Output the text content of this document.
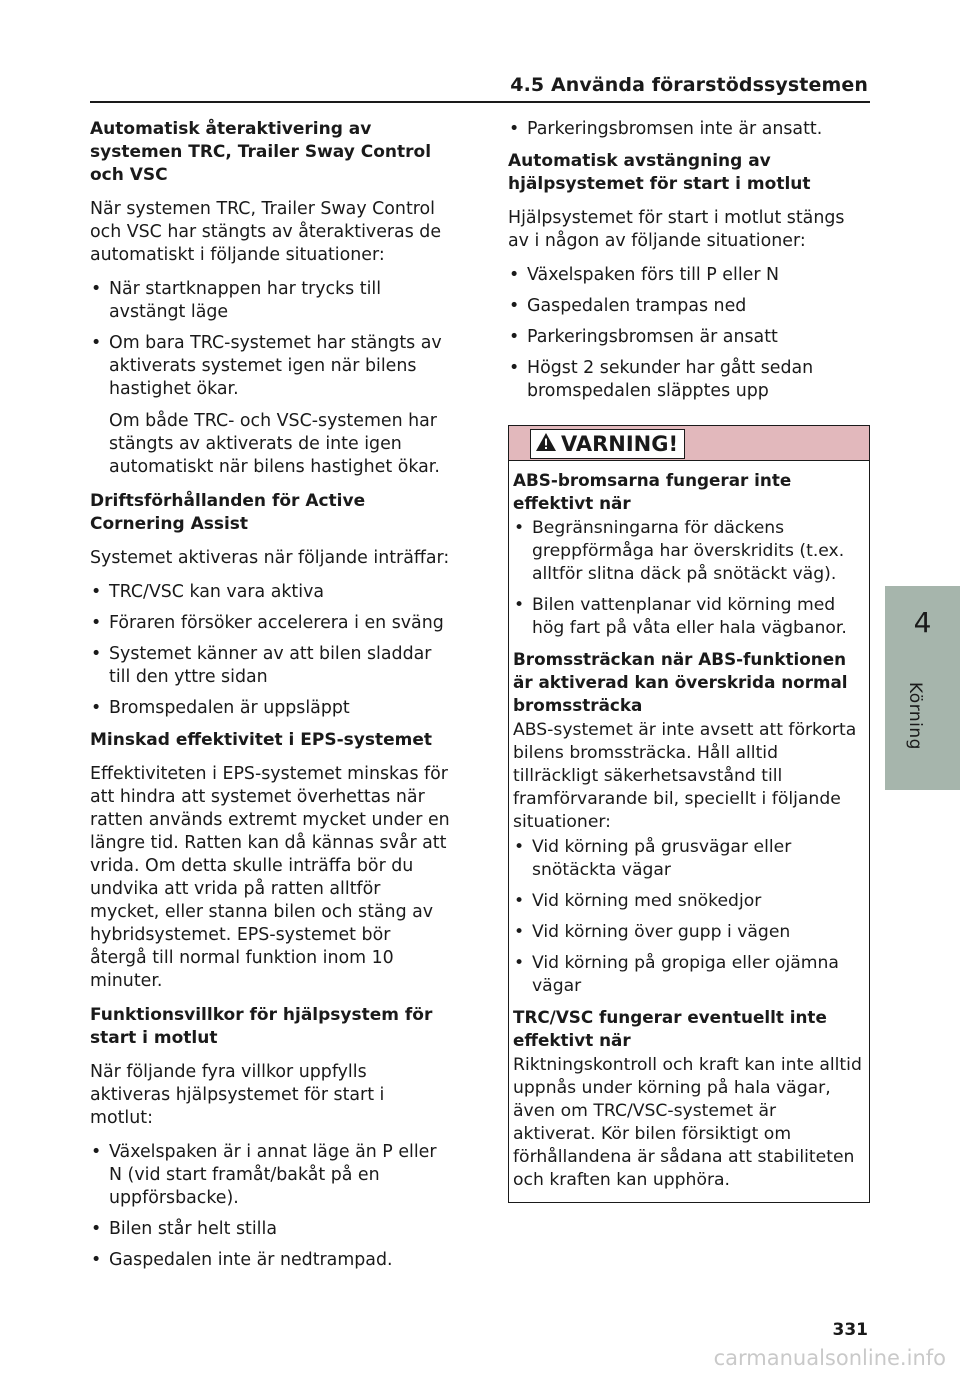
4.5 Använda förarstödssystemen
Automatisk återaktivering av systemen TRC, Trailer Sway Control och VSC

När systemen TRC, Trailer Sway Control och VSC har stängts av återaktiveras de automatiskt i följande situationer:

• När startknappen har trycks till avstängt läge
• Om bara TRC-systemet har stängts av aktiverats systemet igen när bilens hastighet ökar.

Om både TRC- och VSC-systemen har stängts av aktiverats de inte igen automatiskt när bilens hastighet ökar.

Driftsförhållanden för Active Cornering Assist

Systemet aktiveras när följande inträffar:

• TRC/VSC kan vara aktiva
• Föraren försöker accelerera i en sväng
• Systemet känner av att bilen sladdar till den yttre sidan
• Bromspedalen är uppsläppt
Minskad effektivitet i EPS-systemet

Effektiviteten i EPS-systemet minskas för att hindra att systemet överhettas när ratten används extremt mycket under en längre tid. Ratten kan då kännas svår att vrida. Om detta skulle inträffa bör du undvika att vrida på ratten alltför mycket, eller stanna bilen och stäng av hybridsystemet. EPS-systemet bör återgå till normal funktion inom 10 minuter.

Funktionsvillkor för hjälpsystem för start i motlut

När följande fyra villkor uppfylls aktiveras hjälpsystemet för start i motlut:

• Växelspaken är i annat läge än P eller N (vid start framåt/bakåt på en uppförsbacke).
• Bilen står helt stilla
• Gaspedalen inte är nedtrampad.
• Parkeringsbromsen inte är ansatt.
Automatisk avstängning av hjälpsystemet för start i motlut

Hjälpsystemet för start i motlut stängs av i någon av följande situationer:

• Växelspaken förs till P eller N
• Gaspedalen trampas ned
• Parkeringsbromsen är ansatt
• Högst 2 sekunder har gått sedan bromspedalen släpptes upp
VARNING!
ABS-bromsarna fungerar inte effektivt när
• Begränsningarna för däckens greppförmåga har överskridits (t.ex. alltför slitna däck på snötäckt väg).
• Bilen vattenplanar vid körning med hög fart på våta eller hala vägbanor.
Bromssträckan när ABS-funktionen är aktiverad kan överskrida normal bromssträcka

ABS-systemet är inte avsett att förkorta bilens bromssträcka. Håll alltid tillräckligt säkerhetsavstånd till framförvarande bil, speciellt i följande situationer:

• Vid körning på grusvägar eller snötäckta vägar
• Vid körning med snökedjor
• Vid körning över gupp i vägen
• Vid körning på gropiga eller ojämna vägar
TRC/VSC fungerar eventuellt inte effektivt när

Riktningskontroll och kraft kan inte alltid uppnås under körning på hala vägar, även om TRC/VSC-systemet är aktiverat. Kör bilen försiktigt om förhållandena är sådana att stabiliteten och kraften kan upphöra.

4
Körning
331
carmanualsonline.info
